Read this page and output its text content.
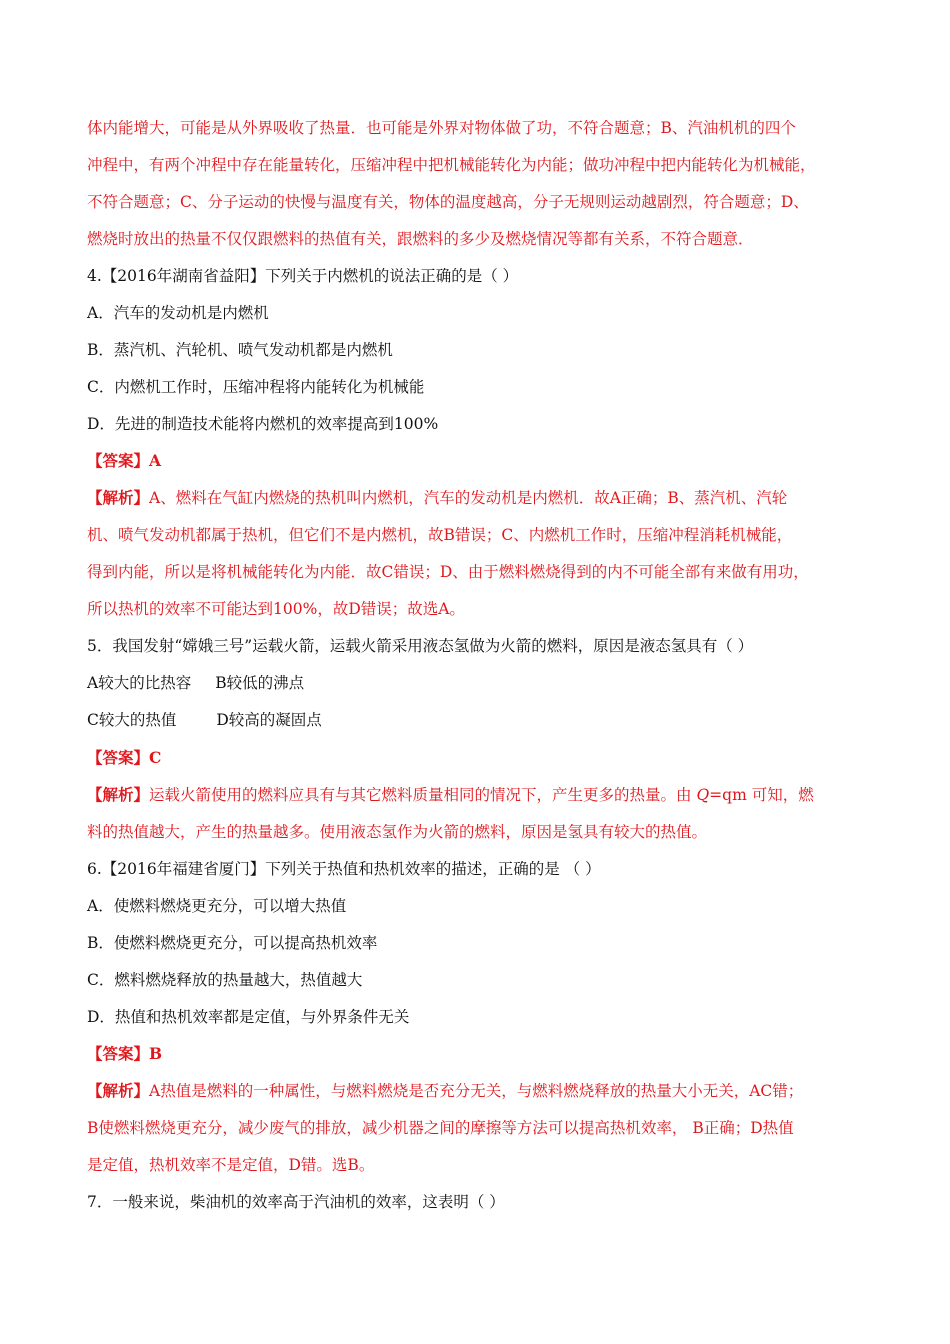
体内能增大，可能是从外界吸收了热量．也可能是外界对物体做了功，不符合题意；B、汽油机机的四个
冲程中，有两个冲程中存在能量转化，压缩冲程中把机械能转化为内能；做功冲程中把内能转化为机械能，
不符合题意；C、分子运动的快慢与温度有关，物体的温度越高，分子无规则运动越剧烈，符合题意；D、
燃烧时放出的热量不仅仅跟燃料的热值有关，跟燃料的多少及燃烧情况等都有关系，不符合题意．
4.【2016年湖南省益阳】下列关于内燃机的说法正确的是（ ）
A．汽车的发动机是内燃机
B．蒸汽机、汽轮机、喷气发动机都是内燃机
C．内燃机工作时，压缩冲程将内能转化为机械能
D．先进的制造技术能将内燃机的效率提高到100%
【答案】A
【解析】A、燃料在气缸内燃烧的热机叫内燃机，汽车的发动机是内燃机．故A正确；B、蒸汽机、汽轮
机、喷气发动机都属于热机，但它们不是内燃机，故B错误；C、内燃机工作时，压缩冲程消耗机械能，
得到内能，所以是将机械能转化为内能．故C错误；D、由于燃料燃烧得到的内不可能全部有来做有用功，
所以热机的效率不可能达到100%，故D错误；故选A。
5．我国发射“嫦娥三号”运载火箭，运载火箭采用液态氢做为火箭的燃料，原因是液态氢具有（ ）
A较大的比热容 B较低的沸点
C较大的热值	D较高的凝固点
【答案】C
【解析】运载火箭使用的燃料应具有与其它燃料质量相同的情况下，产生更多的热量。由 Q=qm 可知，燃
料的热值越大，产生的热量越多。使用液态氢作为火箭的燃料，原因是氢具有较大的热值。
6.【2016年福建省厦门】下列关于热值和热机效率的描述，正确的是 （ ）
A．使燃料燃烧更充分，可以增大热值
B．使燃料燃烧更充分，可以提高热机效率
C．燃料燃烧释放的热量越大，热值越大
D．热值和热机效率都是定值，与外界条件无关
【答案】B
【解析】A热值是燃料的一种属性，与燃料燃烧是否充分无关，与燃料燃烧释放的热量大小无关，AC错；
B使燃料燃烧更充分，减少废气的排放，减少机器之间的摩擦等方法可以提高热机效率， B正确；D热值
是定值，热机效率不是定值，D错。选B。
7．一般来说，柴油机的效率高于汽油机的效率，这表明（ ）
